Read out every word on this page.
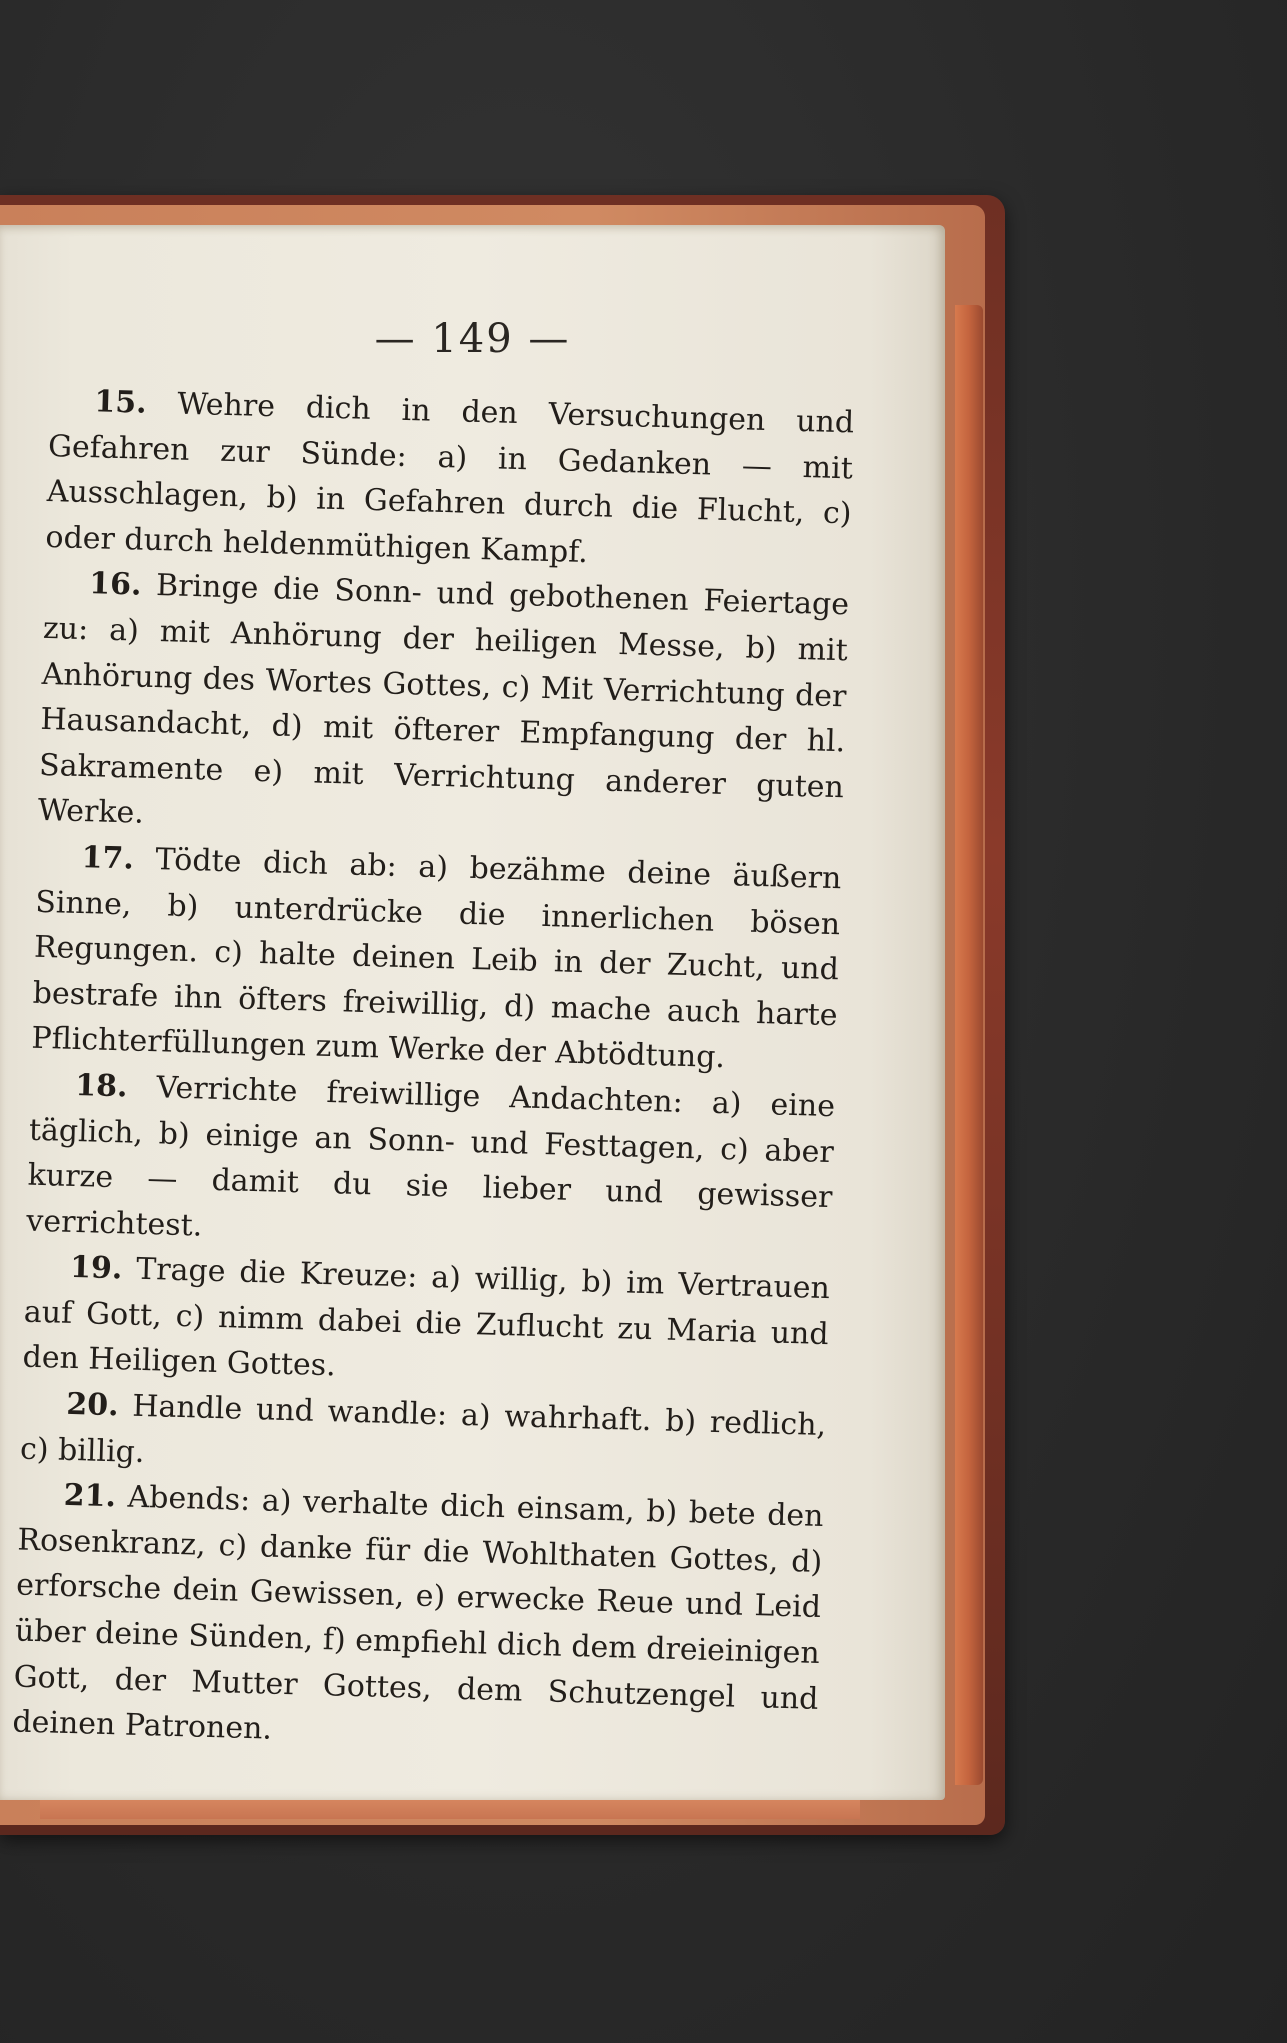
— 149 —

15. Wehre dich in den Versuchungen und Gefahren zur Sünde: a) in Gedanken — mit Ausschlagen, b) in Gefahren durch die Flucht, c) oder durch heldenmüthigen Kampf.

16. Bringe die Sonn- und gebothenen Feiertage zu: a) mit Anhörung der heiligen Messe, b) mit Anhörung des Wortes Gottes, c) Mit Verrichtung der Hausandacht, d) mit öfterer Empfangung der hl. Sakramente e) mit Verrichtung anderer guten Werke.

17. Tödte dich ab: a) bezähme deine äußern Sinne, b) unterdrücke die innerlichen bösen Regungen. c) halte deinen Leib in der Zucht, und bestrafe ihn öfters freiwillig, d) mache auch harte Pflichterfüllungen zum Werke der Abtödtung.

18. Verrichte freiwillige Andachten: a) eine täglich, b) einige an Sonn- und Festtagen, c) aber kurze — damit du sie lieber und gewisser verrichtest.

19. Trage die Kreuze: a) willig, b) im Vertrauen auf Gott, c) nimm dabei die Zuflucht zu Maria und den Heiligen Gottes.

20. Handle und wandle: a) wahrhaft. b) redlich, c) billig.

21. Abends: a) verhalte dich einsam, b) bete den Rosenkranz, c) danke für die Wohlthaten Gottes, d) erforsche dein Gewissen, e) erwecke Reue und Leid über deine Sünden, f) empfiehl dich dem dreieinigen Gott, der Mutter Gottes, dem Schutzengel und deinen Patronen.
